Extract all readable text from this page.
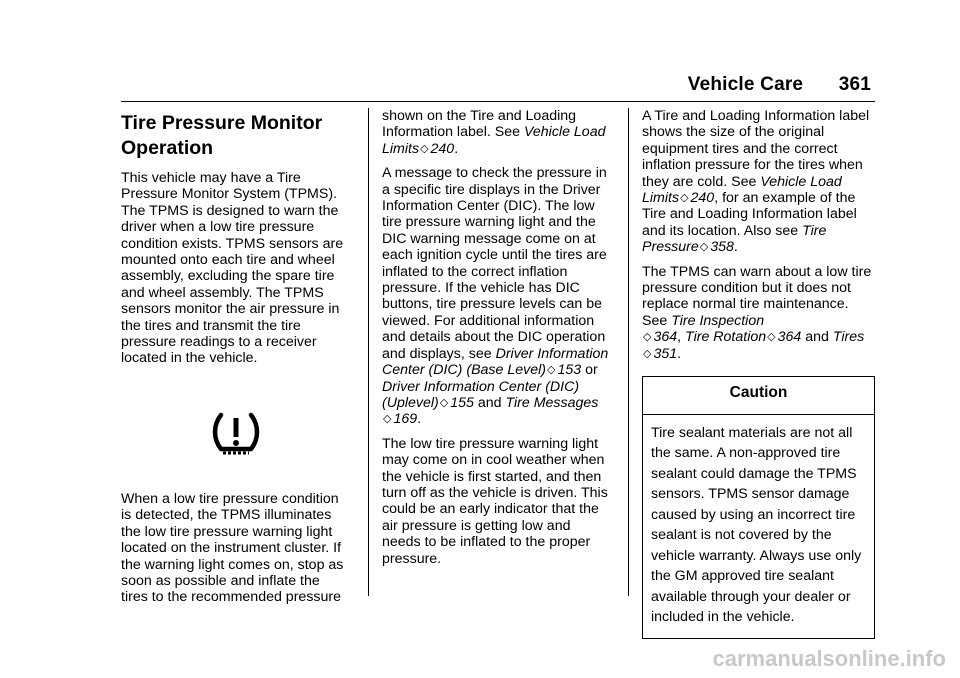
Vehicle Care 361
Tire Pressure Monitor Operation

This vehicle may have a Tire Pressure Monitor System (TPMS). The TPMS is designed to warn the driver when a low tire pressure condition exists. TPMS sensors are mounted onto each tire and wheel assembly, excluding the spare tire and wheel assembly. The TPMS sensors monitor the air pressure in the tires and transmit the tire pressure readings to a receiver located in the vehicle.

When a low tire pressure condition is detected, the TPMS illuminates the low tire pressure warning light located on the instrument cluster. If the warning light comes on, stop as soon as possible and inflate the tires to the recommended pressure

shown on the Tire and Loading Information label. See Vehicle Load Limits◇ 240.

A message to check the pressure in a specific tire displays in the Driver Information Center (DIC). The low tire pressure warning light and the DIC warning message come on at each ignition cycle until the tires are inflated to the correct inflation pressure. If the vehicle has DIC buttons, tire pressure levels can be viewed. For additional information and details about the DIC operation and displays, see Driver Information Center (DIC) (Base Level)◇ 153 or Driver Information Center (DIC) (Uplevel)◇ 155 and Tire Messages
◇ 169.

The low tire pressure warning light may come on in cool weather when the vehicle is first started, and then turn off as the vehicle is driven. This could be an early indicator that the air pressure is getting low and needs to be inflated to the proper pressure.

A Tire and Loading Information label shows the size of the original equipment tires and the correct inflation pressure for the tires when they are cold. See Vehicle Load Limits◇ 240, for an example of the Tire and Loading Information label and its location. Also see Tire Pressure◇ 358.

The TPMS can warn about a low tire pressure condition but it does not replace normal tire maintenance. See Tire Inspection
◇ 364, Tire Rotation◇ 364 and Tires
◇ 351.

Caution
Tire sealant materials are not all the same. A non-approved tire sealant could damage the TPMS sensors. TPMS sensor damage caused by using an incorrect tire sealant is not covered by the vehicle warranty. Always use only the GM approved tire sealant available through your dealer or included in the vehicle.
carmanualsonline.info
